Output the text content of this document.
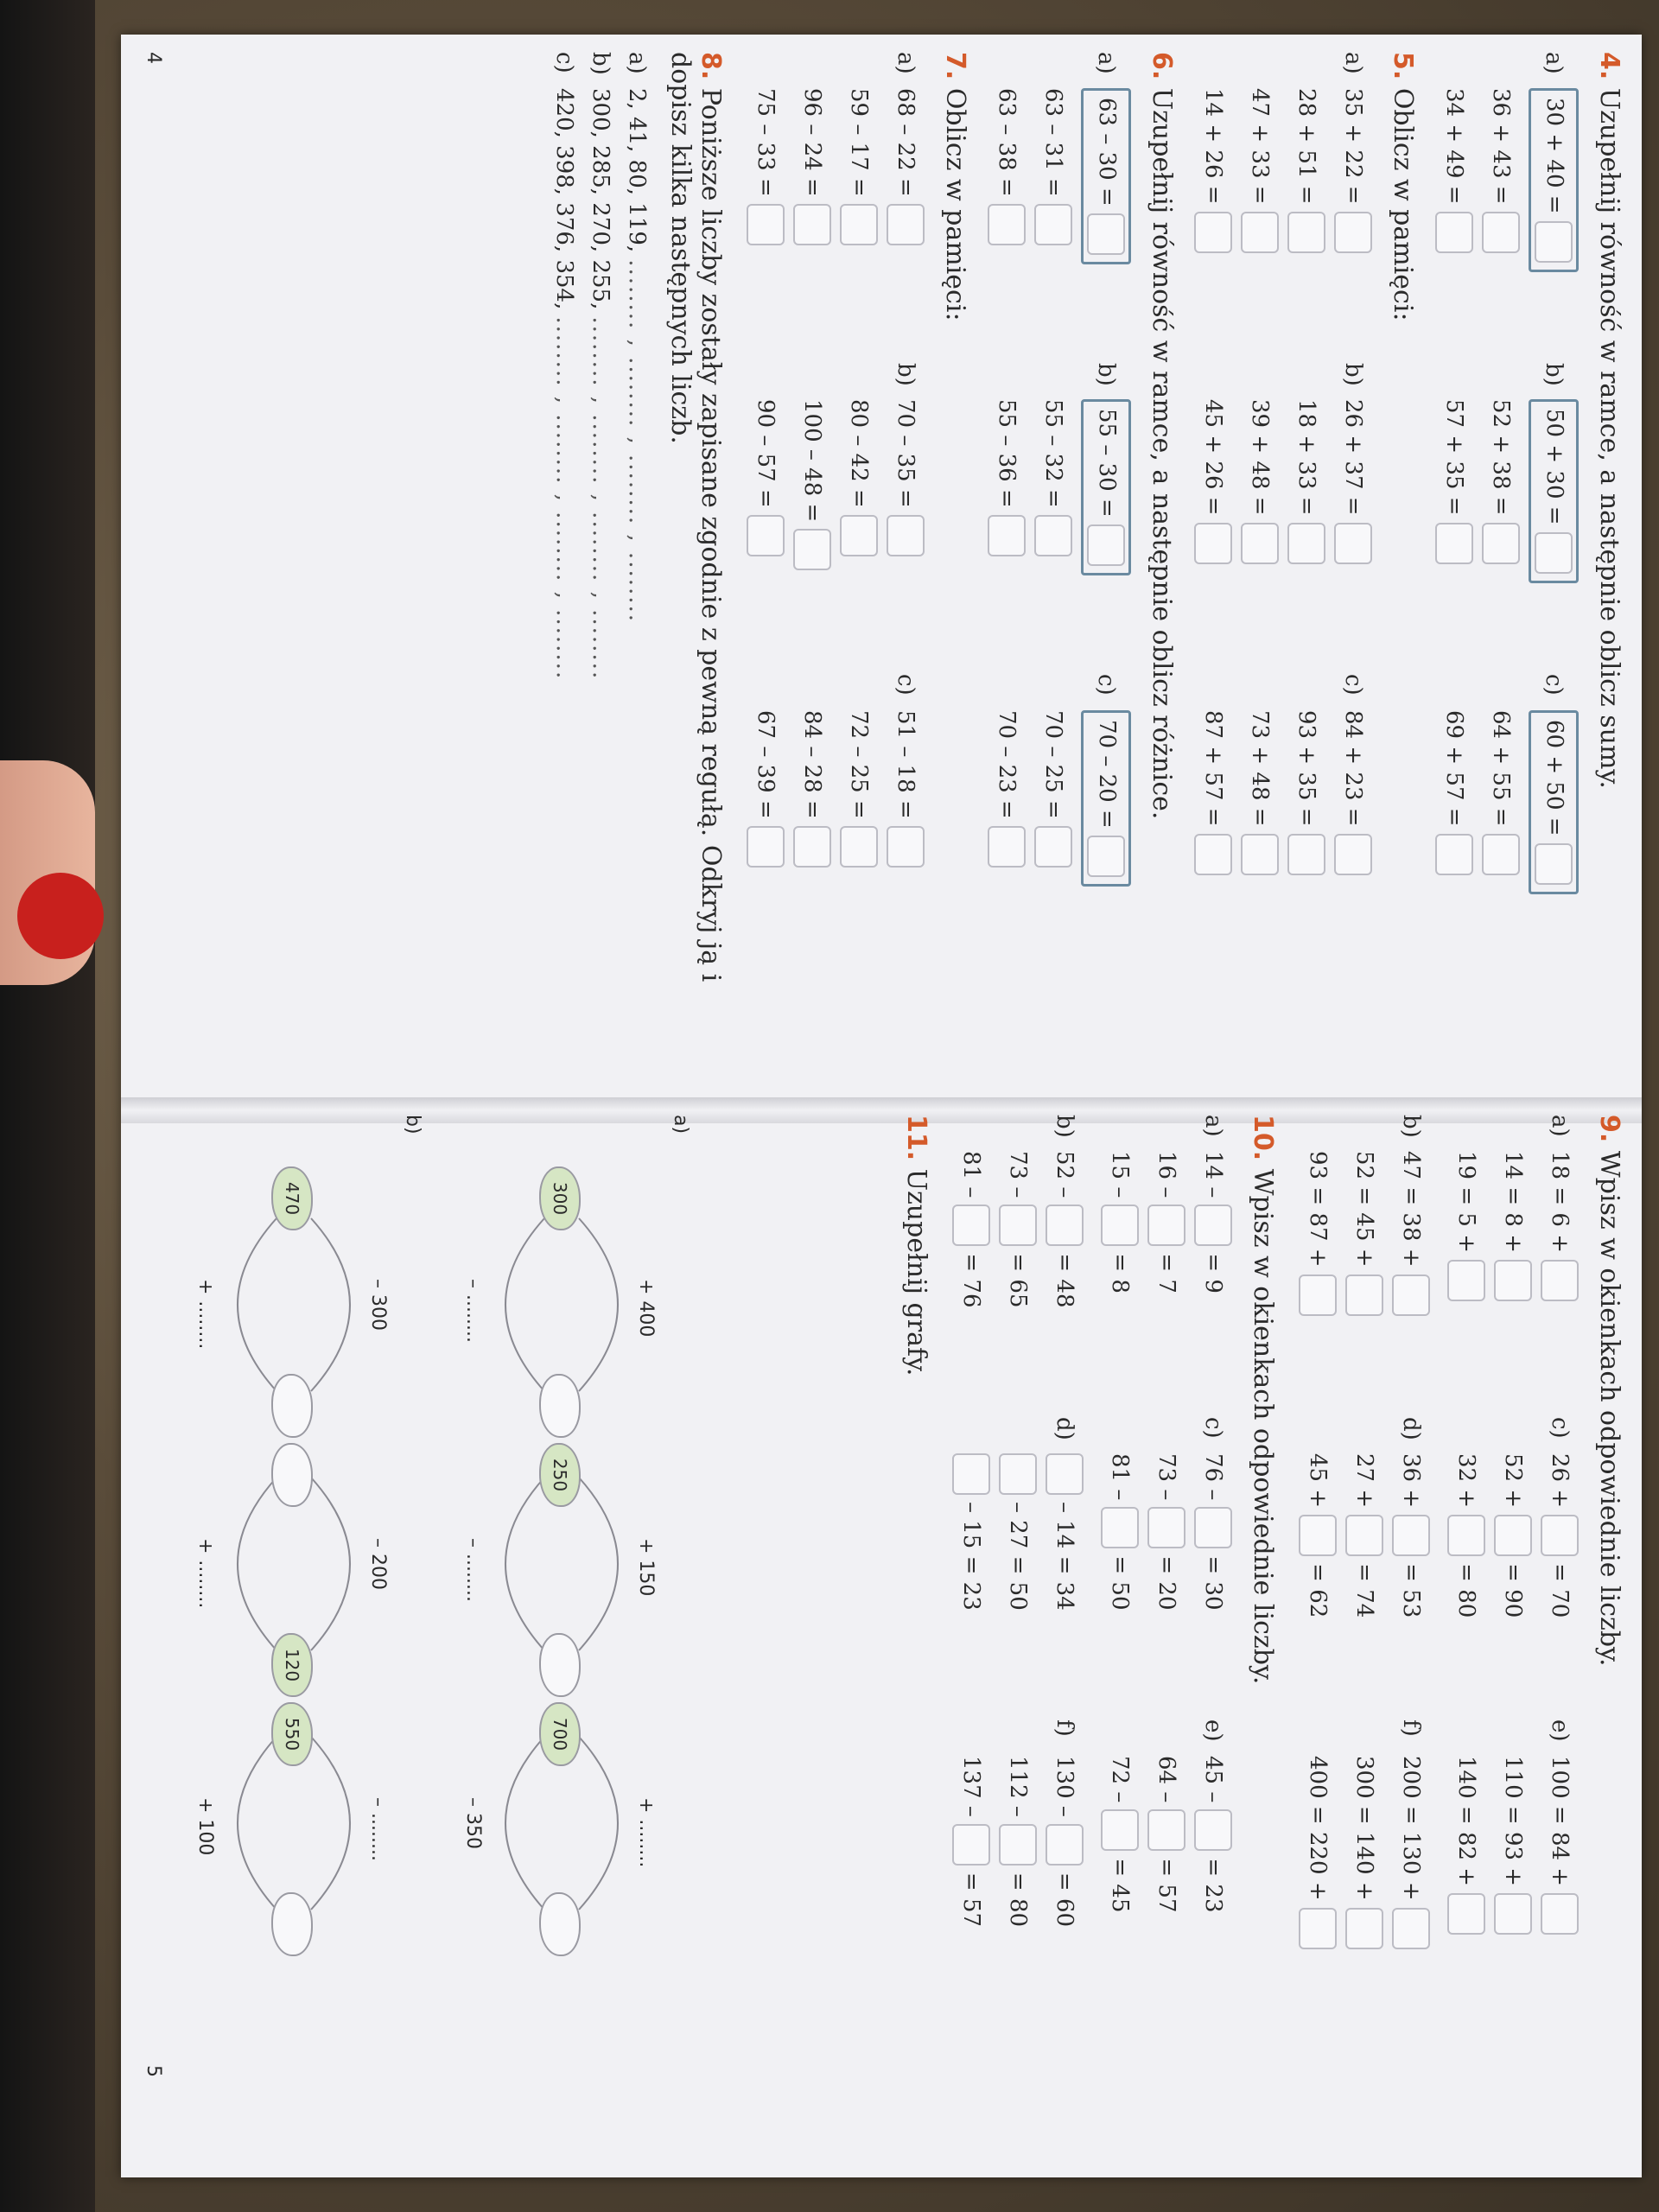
4. Uzupełnij równość w ramce, a następnie oblicz sumy.
a)
30 + 40 =
36 + 43 =
34 + 49 =
b)
50 + 30 =
52 + 38 =
57 + 35 =
c)
60 + 50 =
64 + 55 =
69 + 57 =
5. Oblicz w pamięci:
a)
35 + 22 =
28 + 51 =
47 + 33 =
14 + 26 =
b)
26 + 37 =
18 + 33 =
39 + 48 =
45 + 26 =
c)
84 + 23 =
93 + 35 =
73 + 48 =
87 + 57 =
6. Uzupełnij równość w ramce, a następnie oblicz różnice.
a)
63 – 30 =
63 – 31 =
63 – 38 =
b)
55 – 30 =
55 – 32 =
55 – 36 =
c)
70 – 20 =
70 – 25 =
70 – 23 =
7. Oblicz w pamięci:
a)
68 – 22 =
59 – 17 =
96 – 24 =
75 – 33 =
b)
70 – 35 =
80 – 42 =
100 – 48 =
90 – 57 =
c)
51 – 18 =
72 – 25 =
84 – 28 =
67 – 39 =
8. Poniższe liczby zostały zapisane zgodnie z pewną regułą. Odkryj ją i dopisz kilka następnych liczb.
a)
2, 41, 80, 119,
........ , ........ , ........ , ........
b)
300, 285, 270, 255,
........ , ........ , ........ , ........
c)
420, 398, 376, 354,
........ , ........ , ........ , ........
4
9. Wpisz w okienkach odpowiednie liczby.
a)
18 = 6 +
14 = 8 +
19 = 5 +
c)
26 +
= 70
52 +
= 90
32 +
= 80
e)
100 = 84 +
110 = 93 +
140 = 82 +
b)
47 = 38 +
52 = 45 +
93 = 87 +
d)
36 +
= 53
27 +
= 74
45 +
= 62
f)
200 = 130 +
300 = 140 +
400 = 220 +
10. Wpisz w okienkach odpowiednie liczby.
a)
14 –
= 9
16 –
= 7
15 –
= 8
c)
76 –
= 30
73 –
= 20
81 –
= 50
e)
45 –
= 23
64 –
= 57
72 –
= 45
b)
52 –
= 48
73 –
= 65
81 –
= 76
d)
– 14 = 34
– 27 = 50
– 15 = 23
f)
130 –
= 60
112 –
= 80
137 –
= 57
11. Uzupełnij grafy.
a)
+ 400
+ 150
+ ........
– ........
– ........
– 350
300
250
700
b)
– 300
– 200
– ........
+ ........
+ ........
+ 100
470
120
550
5
